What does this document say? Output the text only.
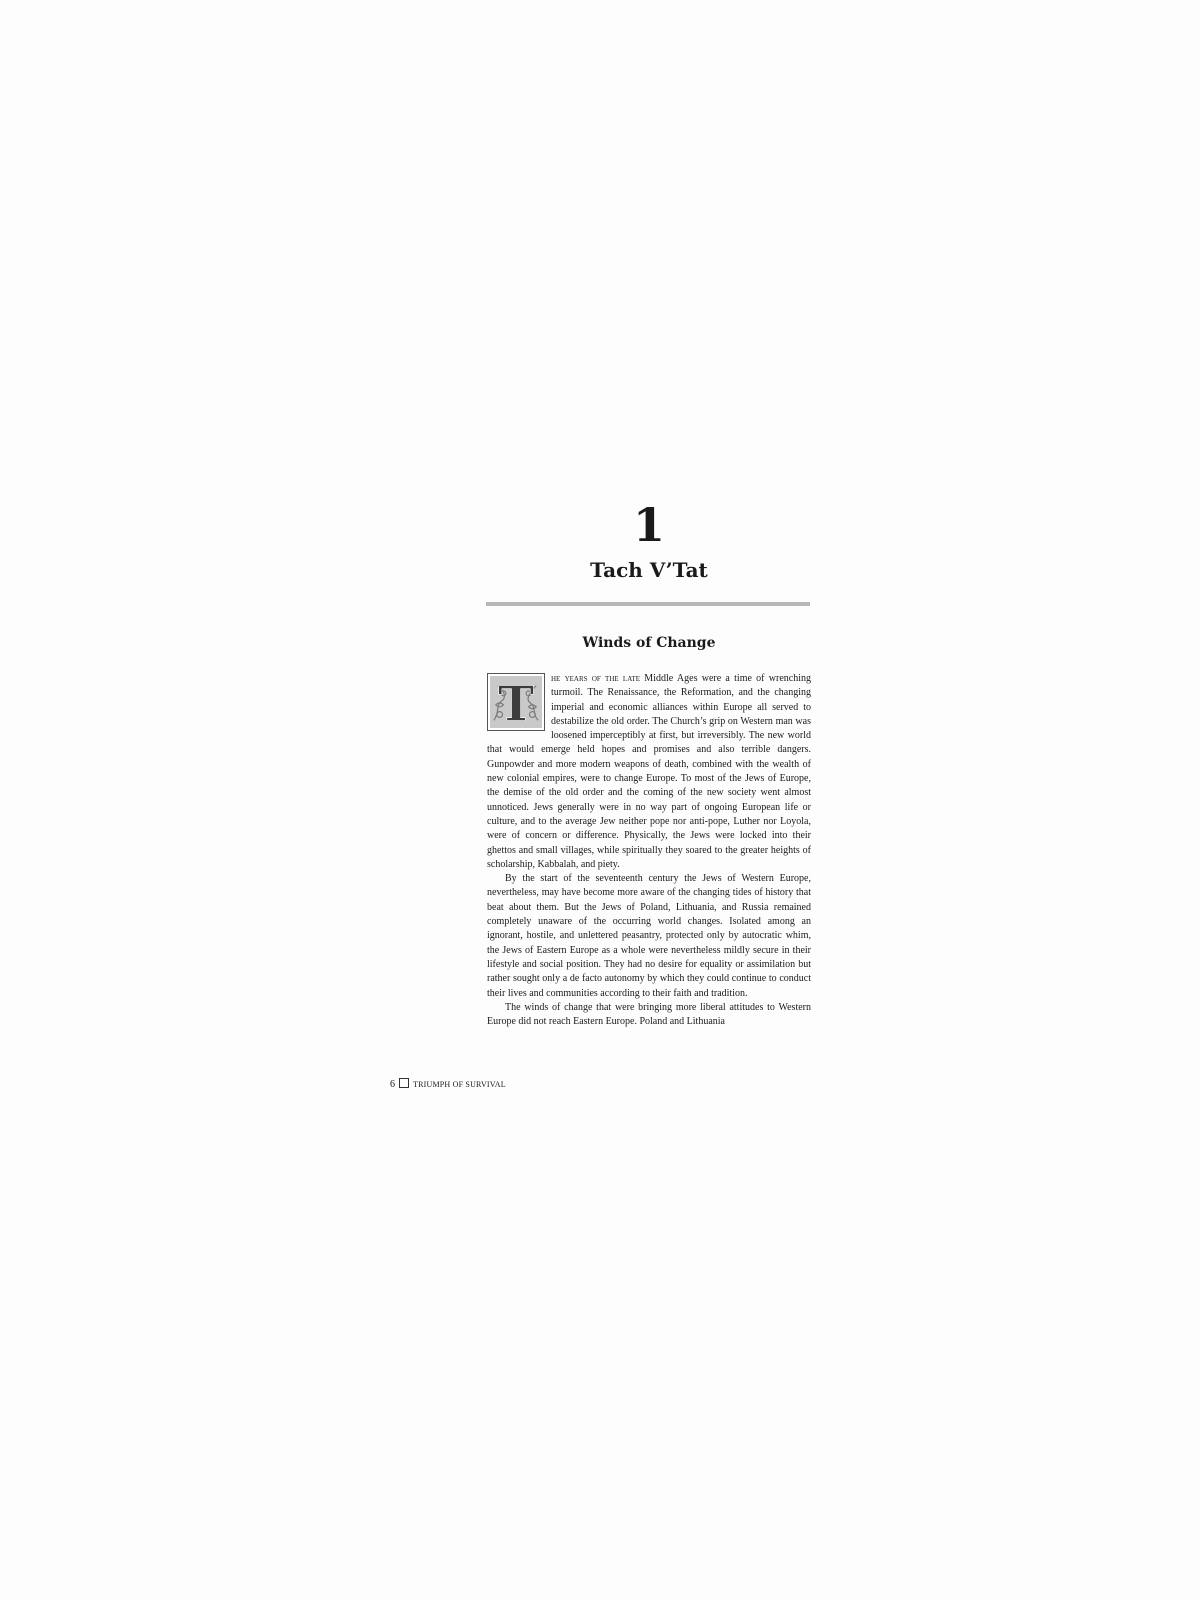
1
Tach V’Tat
Winds of Change

T he years of the late Middle Ages were a time of wrenching turmoil. The Renaissance, the Reformation, and the changing imperial and economic alliances within Europe all served to destabilize the old order. The Church’s grip on Western man was loosened imperceptibly at first, but irreversibly. The new world that would emerge held hopes and promises and also terrible dangers. Gunpowder and more modern weapons of death, combined with the wealth of new colonial empires, were to change Europe. To most of the Jews of Europe, the demise of the old order and the coming of the new society went almost unnoticed. Jews generally were in no way part of ongoing European life or culture, and to the average Jew neither pope nor anti-pope, Luther nor Loyola, were of concern or difference. Physically, the Jews were locked into their ghettos and small villages, while spiritually they soared to the greater heights of scholarship, Kabbalah, and piety.

By the start of the seventeenth century the Jews of Western Europe, nevertheless, may have become more aware of the changing tides of history that beat about them. But the Jews of Poland, Lithuania, and Russia remained completely unaware of the occurring world changes. Isolated among an ignorant, hostile, and unlettered peasantry, protected only by autocratic whim, the Jews of Eastern Europe as a whole were nevertheless mildly secure in their lifestyle and social position. They had no desire for equality or assimilation but rather sought only a de facto autonomy by which they could continue to conduct their lives and communities according to their faith and tradition.

The winds of change that were bringing more liberal attitudes to Western Europe did not reach Eastern Europe. Poland and Lithuania

6 TRIUMPH OF SURVIVAL
